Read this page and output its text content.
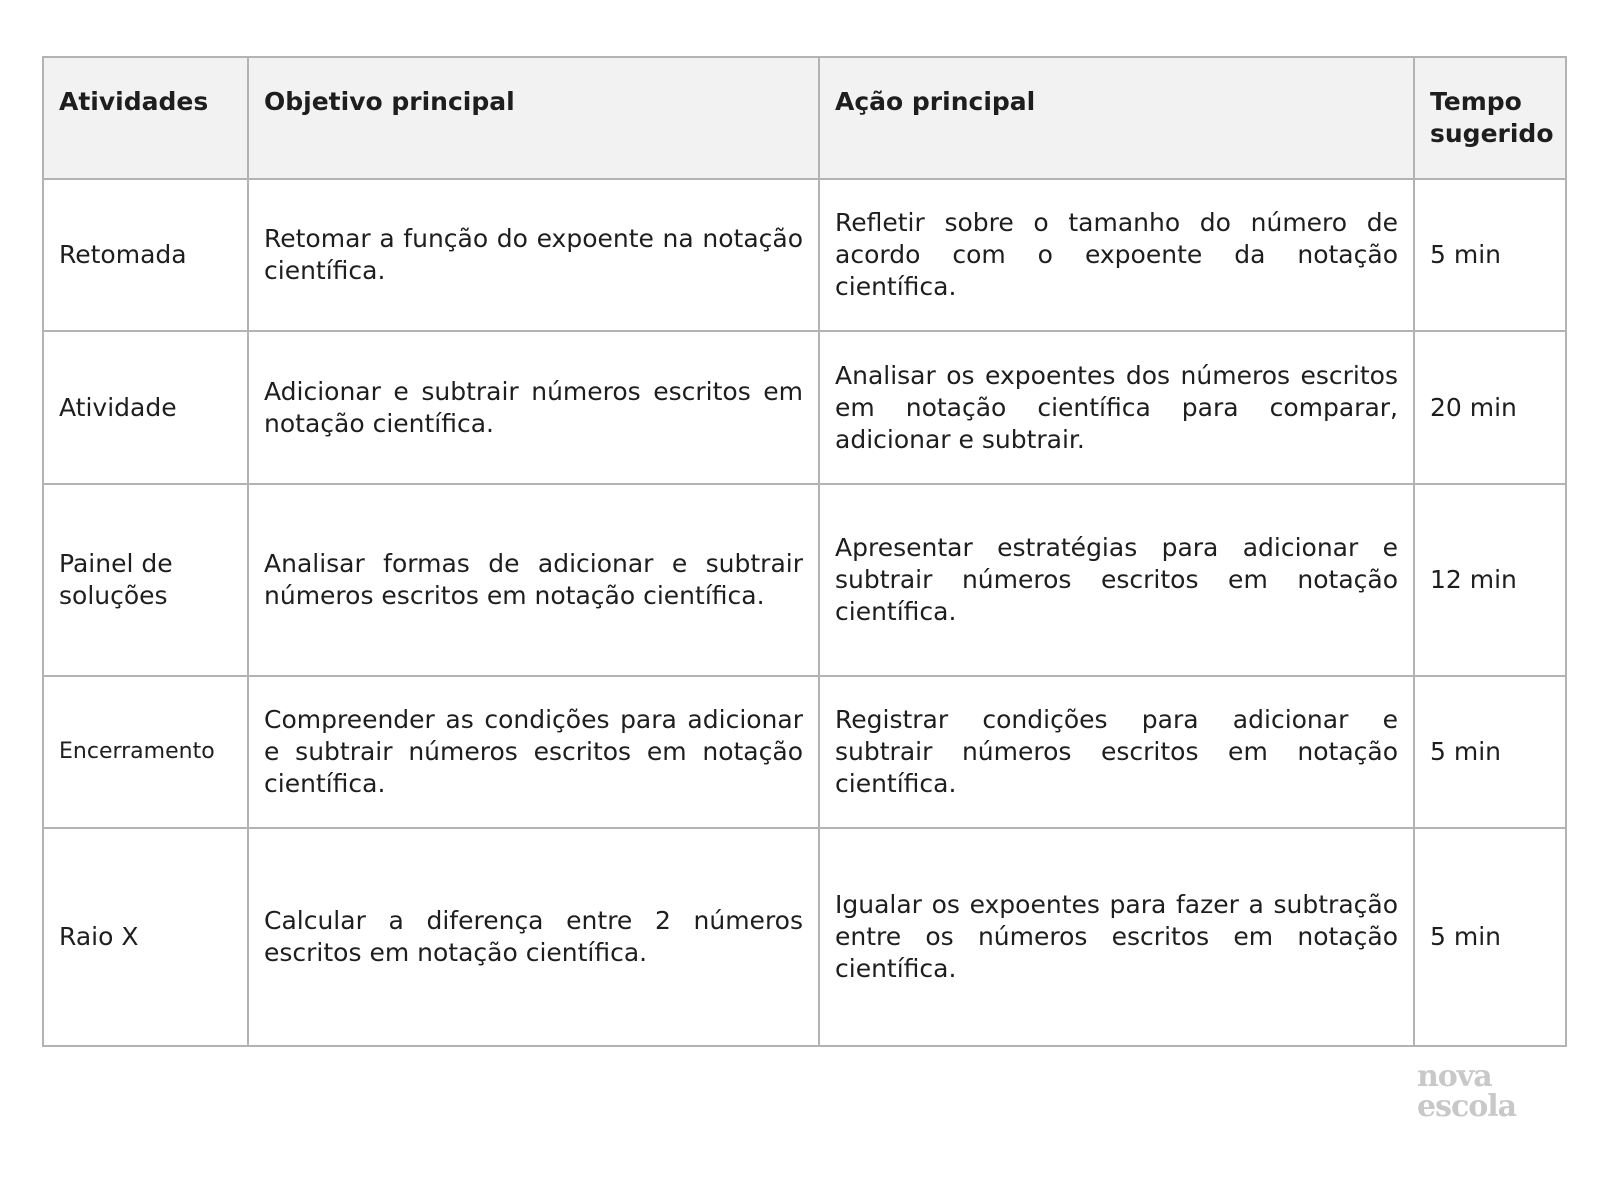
Atividades	Objetivo principal	Ação principal	Tempo sugerido
Retomada	Retomar a função do expoente na notação científica.	Refletir sobre o tamanho do número de acordo com o expoente da notação científica.	5 min
Atividade	Adicionar e subtrair números escritos em notação científica.	Analisar os expoentes dos números escritos em notação científica para comparar, adicionar e subtrair.	20 min
Painel de soluções	Analisar formas de adicionar e subtrair números escritos em notação científica.	Apresentar estratégias para adicionar e subtrair números escritos em notação científica.	12 min
Encerramento	Compreender as condições para adicionar e subtrair números escritos em notação científica.	Registrar condições para adicionar e subtrair números escritos em notação científica.	5 min
Raio X	Calcular a diferença entre 2 números escritos em notação científica.	Igualar os expoentes para fazer a subtração entre os números escritos em notação científica.	5 min
nova
escola
